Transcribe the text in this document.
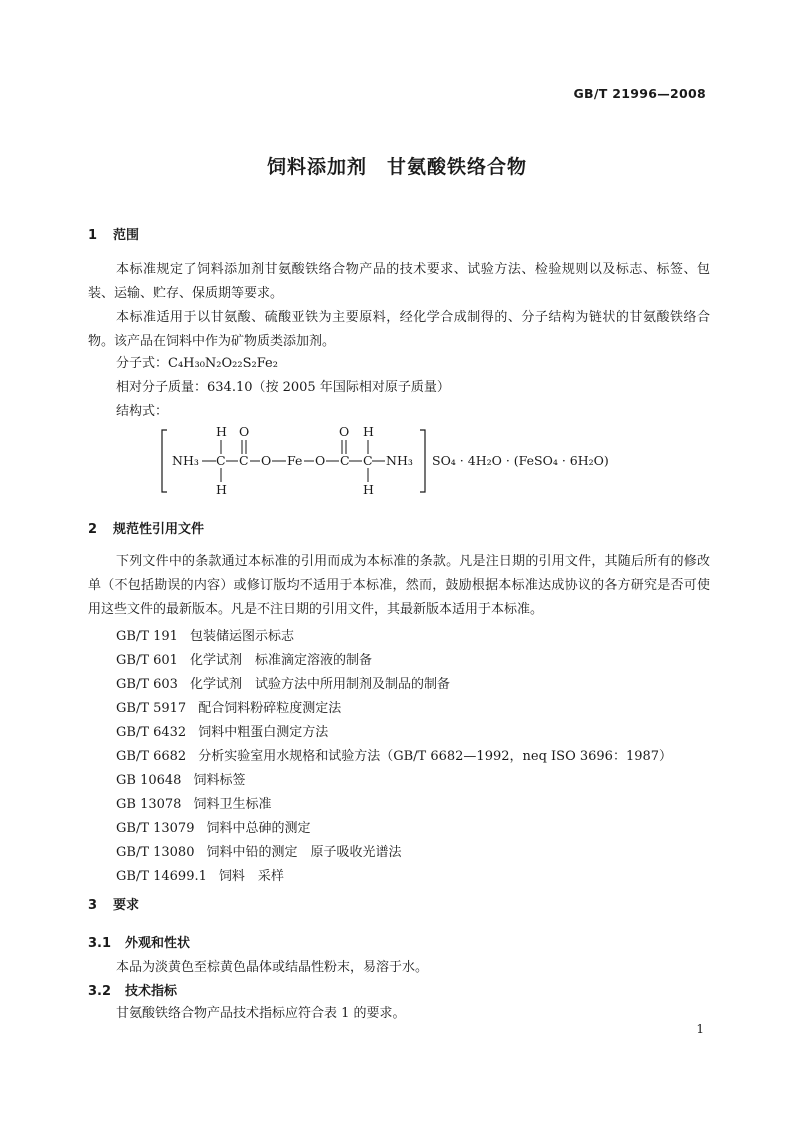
GB/T 21996—2008
饲料添加剂　甘氨酸铁络合物
1 范围

本标准规定了饲料添加剂甘氨酸铁络合物产品的技术要求、试验方法、检验规则以及标志、标签、包装、运输、贮存、保质期等要求。

本标准适用于以甘氨酸、硫酸亚铁为主要原料，经化学合成制得的、分子结构为链状的甘氨酸铁络合物。该产品在饲料中作为矿物质类添加剂。

分子式：C₄H₃₀N₂O₂₂S₂Fe₂
相对分子质量：634.10（按 2005 年国际相对原子质量）
结构式：
H O	O H
NH₃ C C O Fe O C C NH₃
H	H
SO₄ · 4H₂O · (FeSO₄ · 6H₂O)
2 规范性引用文件

下列文件中的条款通过本标准的引用而成为本标准的条款。凡是注日期的引用文件，其随后所有的修改单（不包括勘误的内容）或修订版均不适用于本标准，然而，鼓励根据本标准达成协议的各方研究是否可使用这些文件的最新版本。凡是不注日期的引用文件，其最新版本适用于本标准。

GB/T 191 包装储运图示标志
GB/T 601 化学试剂　标准滴定溶液的制备
GB/T 603 化学试剂　试验方法中所用制剂及制品的制备
GB/T 5917 配合饲料粉碎粒度测定法
GB/T 6432 饲料中粗蛋白测定方法
GB/T 6682 分析实验室用水规格和试验方法（GB/T 6682—1992，neq ISO 3696：1987）
GB 10648 饲料标签
GB 13078 饲料卫生标准
GB/T 13079 饲料中总砷的测定
GB/T 13080 饲料中铅的测定　原子吸收光谱法
GB/T 14699.1 饲料　采样
3 要求
3.1 外观和性状
本品为淡黄色至棕黄色晶体或结晶性粉末，易溶于水。
3.2 技术指标
甘氨酸铁络合物产品技术指标应符合表 1 的要求。
1
